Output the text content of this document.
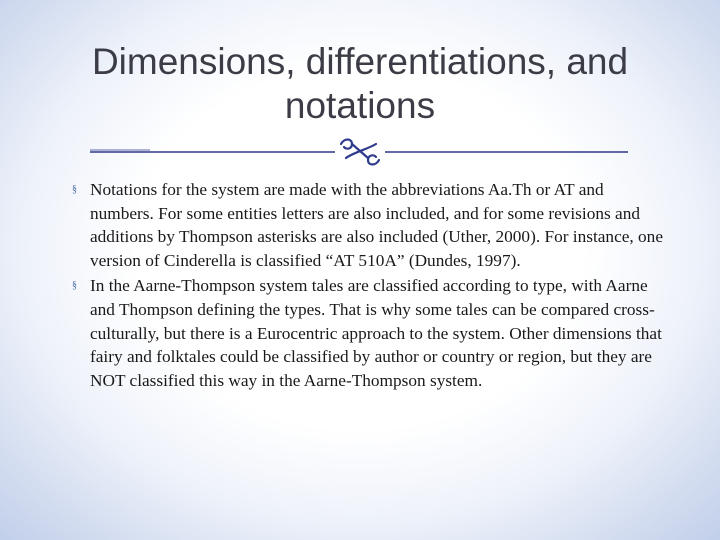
Dimensions, differentiations, and
notations
§ Notations for the system are made with the abbreviations Aa.Th or AT and numbers. For some entities letters are also included, and for some revisions and additions by Thompson asterisks are also included (Uther, 2000). For instance, one version of Cinderella is classified “AT 510A” (Dundes, 1997).
§ In the Aarne-Thompson system tales are classified according to type, with Aarne and Thompson defining the types. That is why some tales can be compared cross-culturally, but there is a Eurocentric approach to the system. Other dimensions that fairy and folktales could be classified by author or country or region, but they are NOT classified this way in the Aarne-Thompson system.
